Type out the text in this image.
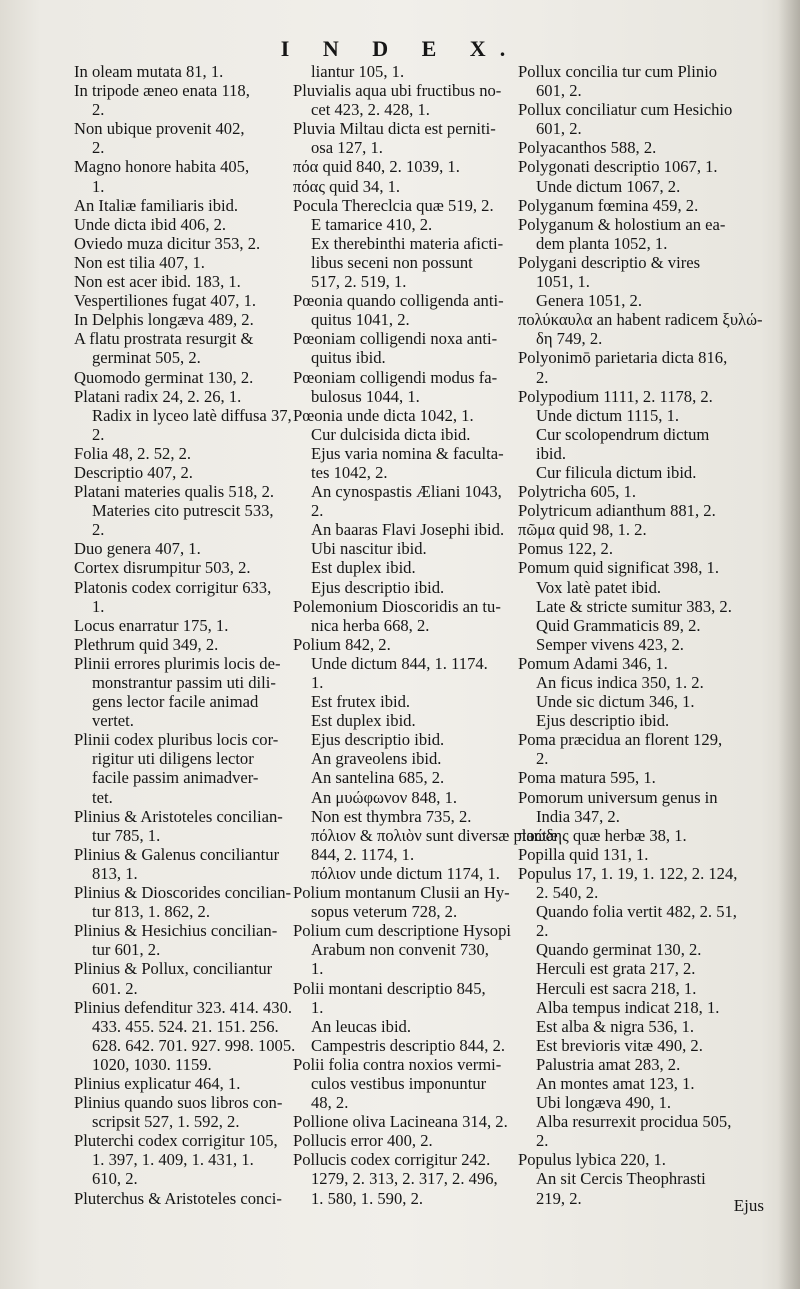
I N D E X.
In oleam mutata 81, 1.
In tripode æneo enata 118,
2.
Non ubique provenit 402,
2.
Magno honore habita 405,
1.
An Italiæ familiaris ibid.
Unde dicta ibid 406, 2.
Oviedo muza dicitur 353, 2.
Non est tilia 407, 1.
Non est acer ibid. 183, 1.
Vespertiliones fugat 407, 1.
In Delphis longæva 489, 2.
A flatu prostrata resurgit &
germinat 505, 2.
Quomodo germinat 130, 2.
Platani radix 24, 2. 26, 1.
Radix in lyceo latè diffusa 37,
2.
Folia 48, 2. 52, 2.
Descriptio 407, 2.
Platani materies qualis 518, 2.
Materies cito putrescit 533,
2.
Duo genera 407, 1.
Cortex disrumpitur 503, 2.
Platonis codex corrigitur 633,
1.
Locus enarratur 175, 1.
Plethrum quid 349, 2.
Plinii errores plurimis locis de-
monstrantur passim uti dili-
gens lector facile animad
vertet.
Plinii codex pluribus locis cor-
rigitur uti diligens lector
facile passim animadver-
tet.
Plinius & Aristoteles concilian-
tur 785, 1.
Plinius & Galenus conciliantur
813, 1.
Plinius & Dioscorides concilian-
tur 813, 1. 862, 2.
Plinius & Hesichius concilian-
tur 601, 2.
Plinius & Pollux, conciliantur
601. 2.
Plinius defenditur 323. 414. 430.
433. 455. 524. 21. 151. 256.
628. 642. 701. 927. 998. 1005.
1020, 1030. 1159.
Plinius explicatur 464, 1.
Plinius quando suos libros con-
scripsit 527, 1. 592, 2.
Pluterchi codex corrigitur 105,
1. 397, 1. 409, 1. 431, 1.
610, 2.
Pluterchus & Aristoteles conci-
liantur 105, 1.
Pluvialis aqua ubi fructibus no-
cet 423, 2. 428, 1.
Pluvia Miltau dicta est perniti-
osa 127, 1.
πόα quid 840, 2. 1039, 1.
πόας quid 34, 1.
Pocula Thereclcia quæ 519, 2.
E tamarice 410, 2.
Ex therebinthi materia aficti-
libus seceni non possunt
517, 2. 519, 1.
Pœonia quando colligenda anti-
quitus 1041, 2.
Pœoniam colligendi noxa anti-
quitus ibid.
Pœoniam colligendi modus fa-
bulosus 1044, 1.
Pœonia unde dicta 1042, 1.
Cur dulcisida dicta ibid.
Ejus varia nomina & faculta-
tes 1042, 2.
An cynospastis Æliani 1043,
2.
An baaras Flavi Josephi ibid.
Ubi nascitur ibid.
Est duplex ibid.
Ejus descriptio ibid.
Polemonium Dioscoridis an tu-
nica herba 668, 2.
Polium 842, 2.
Unde dictum 844, 1. 1174.
1.
Est frutex ibid.
Est duplex ibid.
Ejus descriptio ibid.
An graveolens ibid.
An santelina 685, 2.
An μυώφωνον 848, 1.
Non est thymbra 735, 2.
πόλιον & πολιὸν sunt diversæ plantæ
844, 2. 1174, 1.
πόλιον unde dictum 1174, 1.
Polium montanum Clusii an Hy-
sopus veterum 728, 2.
Polium cum descriptione Hysopi
Arabum non convenit 730,
1.
Polii montani descriptio 845,
1.
An leucas ibid.
Campestris descriptio 844, 2.
Polii folia contra noxios vermi-
culos vestibus imponuntur
48, 2.
Pollione oliva Lacineana 314, 2.
Pollucis error 400, 2.
Pollucis codex corrigitur 242.
1279, 2. 313, 2. 317, 2. 496,
1. 580, 1. 590, 2.
Pollux concilia tur cum Plinio
601, 2.
Pollux conciliatur cum Hesichio
601, 2.
Polyacanthos 588, 2.
Polygonati descriptio 1067, 1.
Unde dictum 1067, 2.
Polyganum fœmina 459, 2.
Polyganum & holostium an ea-
dem planta 1052, 1.
Polygani descriptio & vires
1051, 1.
Genera 1051, 2.
πολύκαυλα an habent radicem ξυλώ-
δη 749, 2.
Polyonimō parietaria dicta 816,
2.
Polypodium 1111, 2. 1178, 2.
Unde dictum 1115, 1.
Cur scolopendrum dictum
ibid.
Cur filicula dictum ibid.
Polytricha 605, 1.
Polytricum adianthum 881, 2.
πῶμα quid 98, 1. 2.
Pomus 122, 2.
Pomum quid significat 398, 1.
Vox latè patet ibid.
Late & stricte sumitur 383, 2.
Quid Grammaticis 89, 2.
Semper vivens 423, 2.
Pomum Adami 346, 1.
An ficus indica 350, 1. 2.
Unde sic dictum 346, 1.
Ejus descriptio ibid.
Poma præcidua an florent 129,
2.
Poma matura 595, 1.
Pomorum universum genus in
India 347, 2.
ποώδης quæ herbæ 38, 1.
Popilla quid 131, 1.
Populus 17, 1. 19, 1. 122, 2. 124,
2. 540, 2.
Quando folia vertit 482, 2. 51,
2.
Quando germinat 130, 2.
Herculi est grata 217, 2.
Herculi est sacra 218, 1.
Alba tempus indicat 218, 1.
Est alba & nigra 536, 1.
Est brevioris vitæ 490, 2.
Palustria amat 283, 2.
An montes amat 123, 1.
Ubi longæva 490, 1.
Alba resurrexit procidua 505,
2.
Populus lybica 220, 1.
An sit Cercis Theophrasti
219, 2.	Ejus
